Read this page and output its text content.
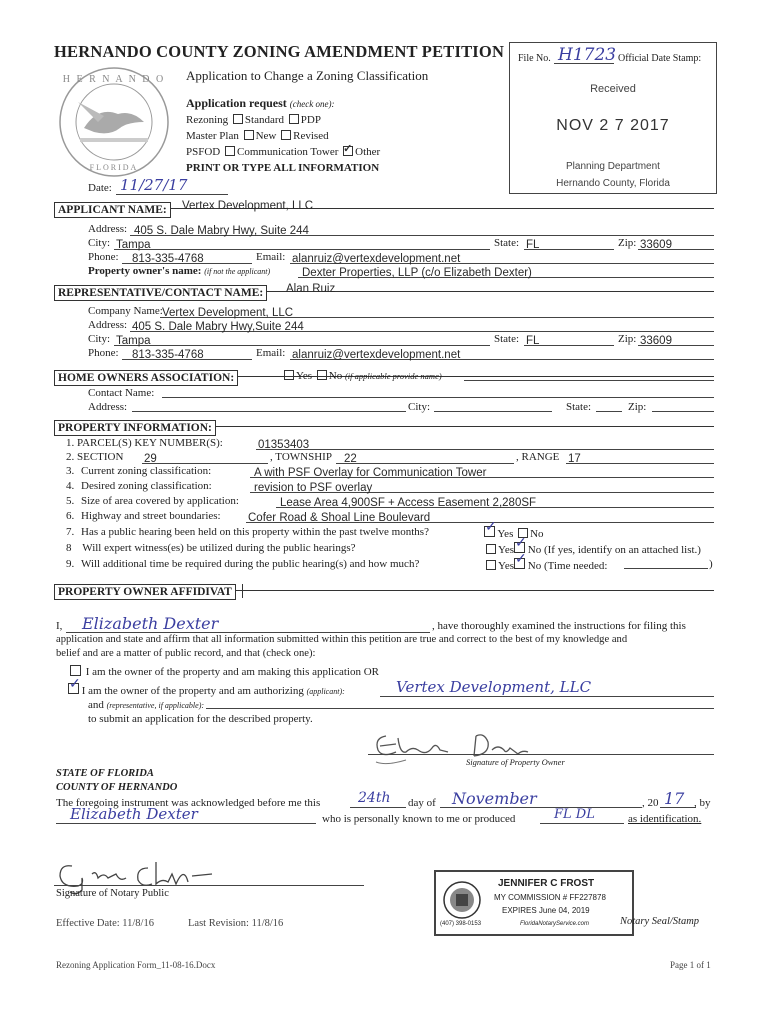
H E R N A N D O
FLORIDA
HERNANDO COUNTY ZONING AMENDMENT PETITION
Application to Change a Zoning Classification
Application request (check one):
Rezoning Standard PDP
Master Plan New Revised
PSFOD Communication Tower ✓ Other
PRINT OR TYPE ALL INFORMATION
Date: 11/27/17
File No. H1723 Official Date Stamp:
Received
NOV 2 7 2017
Planning Department
Hernando County, Florida
APPLICANT NAME:	Vertex Development, LLC
Address: 405 S. Dale Mabry Hwy, Suite 244
City: Tampa	State: FL	Zip: 33609
Phone:	813-335-4768	Email: alanruiz@vertexdevelopment.net
Property owner's name: (if not the applicant)	Dexter Properties, LLP (c/o Elizabeth Dexter)
REPRESENTATIVE/CONTACT NAME:	Alan Ruiz
Company Name: Vertex Development, LLC
Address: 405 S. Dale Mabry Hwy,Suite 244
City: Tampa	State: FL	Zip: 33609
Phone:	813-335-4768	Email: alanruiz@vertexdevelopment.net
HOME OWNERS ASSOCIATION:	Yes No (if applicable provide name)
Contact Name:
Address:	City:	State:	Zip:
PROPERTY INFORMATION:
1. PARCEL(S) KEY NUMBER(S):	01353403
2. SECTION 29	, TOWNSHIP	22	, RANGE 17
3. Current zoning classification:	A with PSF Overlay for Communication Tower
4. Desired zoning classification:	revision to PSF overlay
5. Size of area covered by application:	Lease Area 4,900SF + Access Easement 2,280SF
6. Highway and street boundaries: Cofer Road & Shoal Line Boulevard
7. Has a public hearing been held on this property within the past twelve months? ✓	Yes No
8 Will expert witness(es) be utilized during the public hearings?	Yes ✓ No (If yes, identify on an attached list.)
9. Will additional time be required during the public hearing(s) and how much?	Yes ✓ No (Time needed:	)
PROPERTY OWNER AFFIDIVAT
I,	Elizabeth Dexter	, have thoroughly examined the instructions for filing this
application and state and affirm that all information submitted within this petition are true and correct to the best of my knowledge and
belief and are a matter of public record, and that (check one):
I am the owner of the property and am making this application OR
✓ I am the owner of the property and am authorizing (applicant):	Vertex Development, LLC
and (representative, if applicable):
to submit an application for the described property.
Signature of Property Owner
STATE OF FLORIDA
COUNTY OF HERNANDO
The foregoing instrument was acknowledged before me this	24th	day of	November	, 20 17 , by
Elizabeth Dexter	who is personally known to me or produced	FL DL	as identification.
Signature of Notary Public
JENNIFER C FROST
MY COMMISSION # FF227878
EXPIRES June 04, 2019
(407) 398-0153	FloridaNotaryService.com	Notary Seal/Stamp
Effective Date: 11/8/16	Last Revision: 11/8/16
Rezoning Application Form_11-08-16.Docx	Page 1 of 1
